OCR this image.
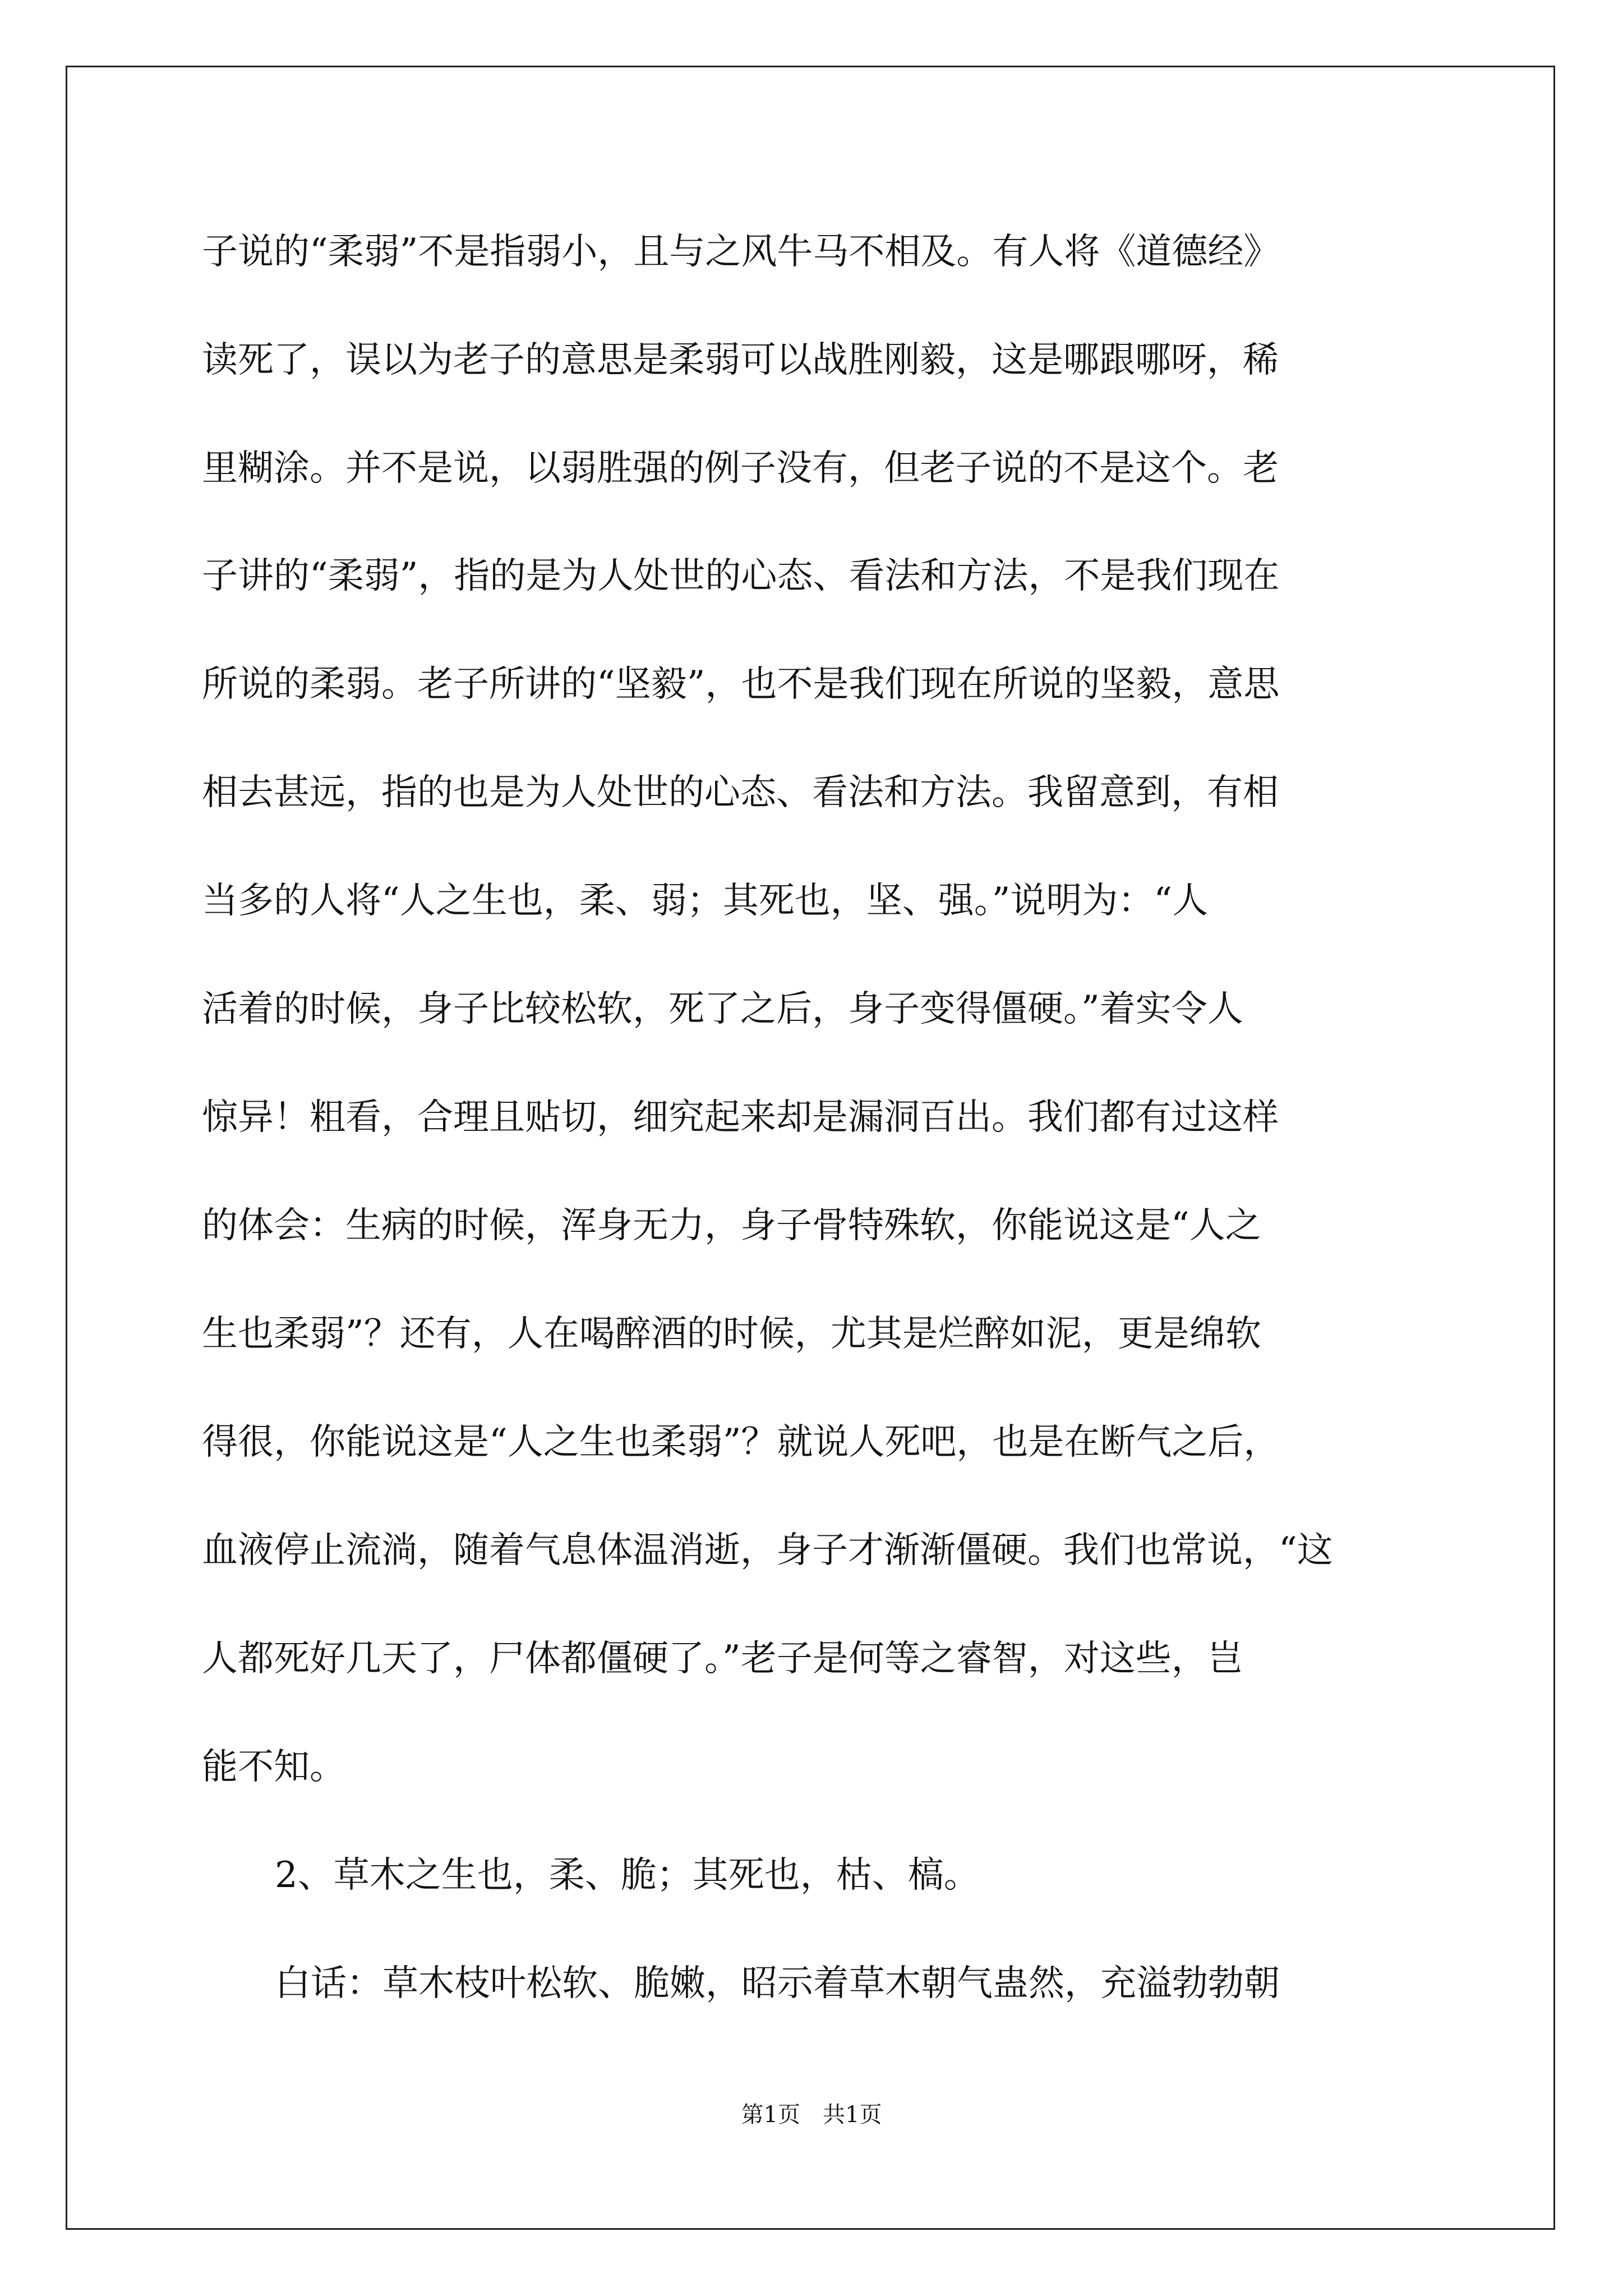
子说的“柔弱”不是指弱小，且与之风牛马不相及。有人将《道德经》
读死了，误以为老子的意思是柔弱可以战胜刚毅，这是哪跟哪呀，稀
里糊涂。并不是说，以弱胜强的例子没有，但老子说的不是这个。老
子讲的“柔弱”，指的是为人处世的心态、看法和方法，不是我们现在
所说的柔弱。老子所讲的“坚毅”，也不是我们现在所说的坚毅，意思
相去甚远，指的也是为人处世的心态、看法和方法。我留意到，有相
当多的人将“人之生也，柔、弱；其死也，坚、强。”说明为：“人
活着的时候，身子比较松软，死了之后，身子变得僵硬。”着实令人
惊异！粗看，合理且贴切，细究起来却是漏洞百出。我们都有过这样
的体会：生病的时候，浑身无力，身子骨特殊软，你能说这是“人之
生也柔弱”？还有，人在喝醉酒的时候，尤其是烂醉如泥，更是绵软
得很，你能说这是“人之生也柔弱”？就说人死吧，也是在断气之后，
血液停止流淌，随着气息体温消逝，身子才渐渐僵硬。我们也常说，“这
人都死好几天了，尸体都僵硬了。”老子是何等之睿智，对这些，岂
能不知。
2、草木之生也，柔、脆；其死也，枯、槁。
白话：草木枝叶松软、脆嫩，昭示着草木朝气蛊然，充溢勃勃朝
第1页　共1页
